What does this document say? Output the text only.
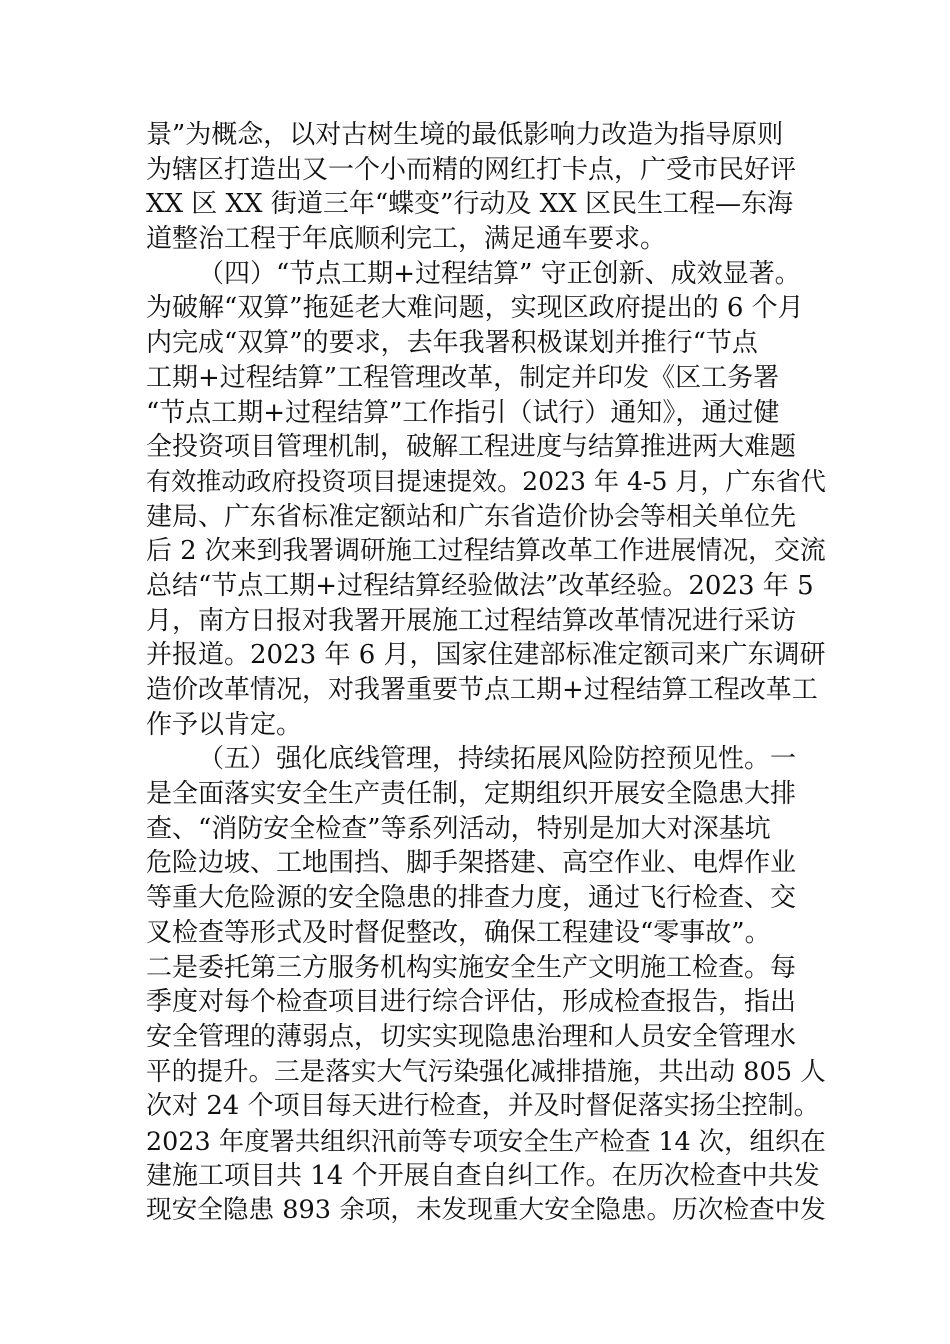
景”为概念，以对古树生境的最低影响力改造为指导原则
为辖区打造出又一个小而精的网红打卡点，广受市民好评
XX 区 XX 街道三年“蝶变”行动及 XX 区民生工程—东海
道整治工程于年底顺利完工，满足通车要求。
（四）“节点工期+过程结算” 守正创新、成效显著。
为破解“双算”拖延老大难问题，实现区政府提出的 6 个月
内完成“双算”的要求，去年我署积极谋划并推行“节点
工期+过程结算”工程管理改革，制定并印发《区工务署
“节点工期+过程结算”工作指引（试行）通知》，通过健
全投资项目管理机制，破解工程进度与结算推进两大难题
有效推动政府投资项目提速提效。2023 年 4-5 月，广东省代
建局、广东省标准定额站和广东省造价协会等相关单位先
后 2 次来到我署调研施工过程结算改革工作进展情况，交流
总结“节点工期+过程结算经验做法”改革经验。2023 年 5
月，南方日报对我署开展施工过程结算改革情况进行采访
并报道。2023 年 6 月，国家住建部标准定额司来广东调研
造价改革情况，对我署重要节点工期+过程结算工程改革工
作予以肯定。
（五）强化底线管理，持续拓展风险防控预见性。一
是全面落实安全生产责任制，定期组织开展安全隐患大排
查、“消防安全检查”等系列活动，特别是加大对深基坑
危险边坡、工地围挡、脚手架搭建、高空作业、电焊作业
等重大危险源的安全隐患的排查力度，通过飞行检查、交
叉检查等形式及时督促整改，确保工程建设“零事故”。
二是委托第三方服务机构实施安全生产文明施工检查。每
季度对每个检查项目进行综合评估，形成检查报告，指出
安全管理的薄弱点，切实实现隐患治理和人员安全管理水
平的提升。三是落实大气污染强化减排措施，共出动 805 人
次对 24 个项目每天进行检查，并及时督促落实扬尘控制。
2023 年度署共组织汛前等专项安全生产检查 14 次，组织在
建施工项目共 14 个开展自查自纠工作。在历次检查中共发
现安全隐患 893 余项，未发现重大安全隐患。历次检查中发
